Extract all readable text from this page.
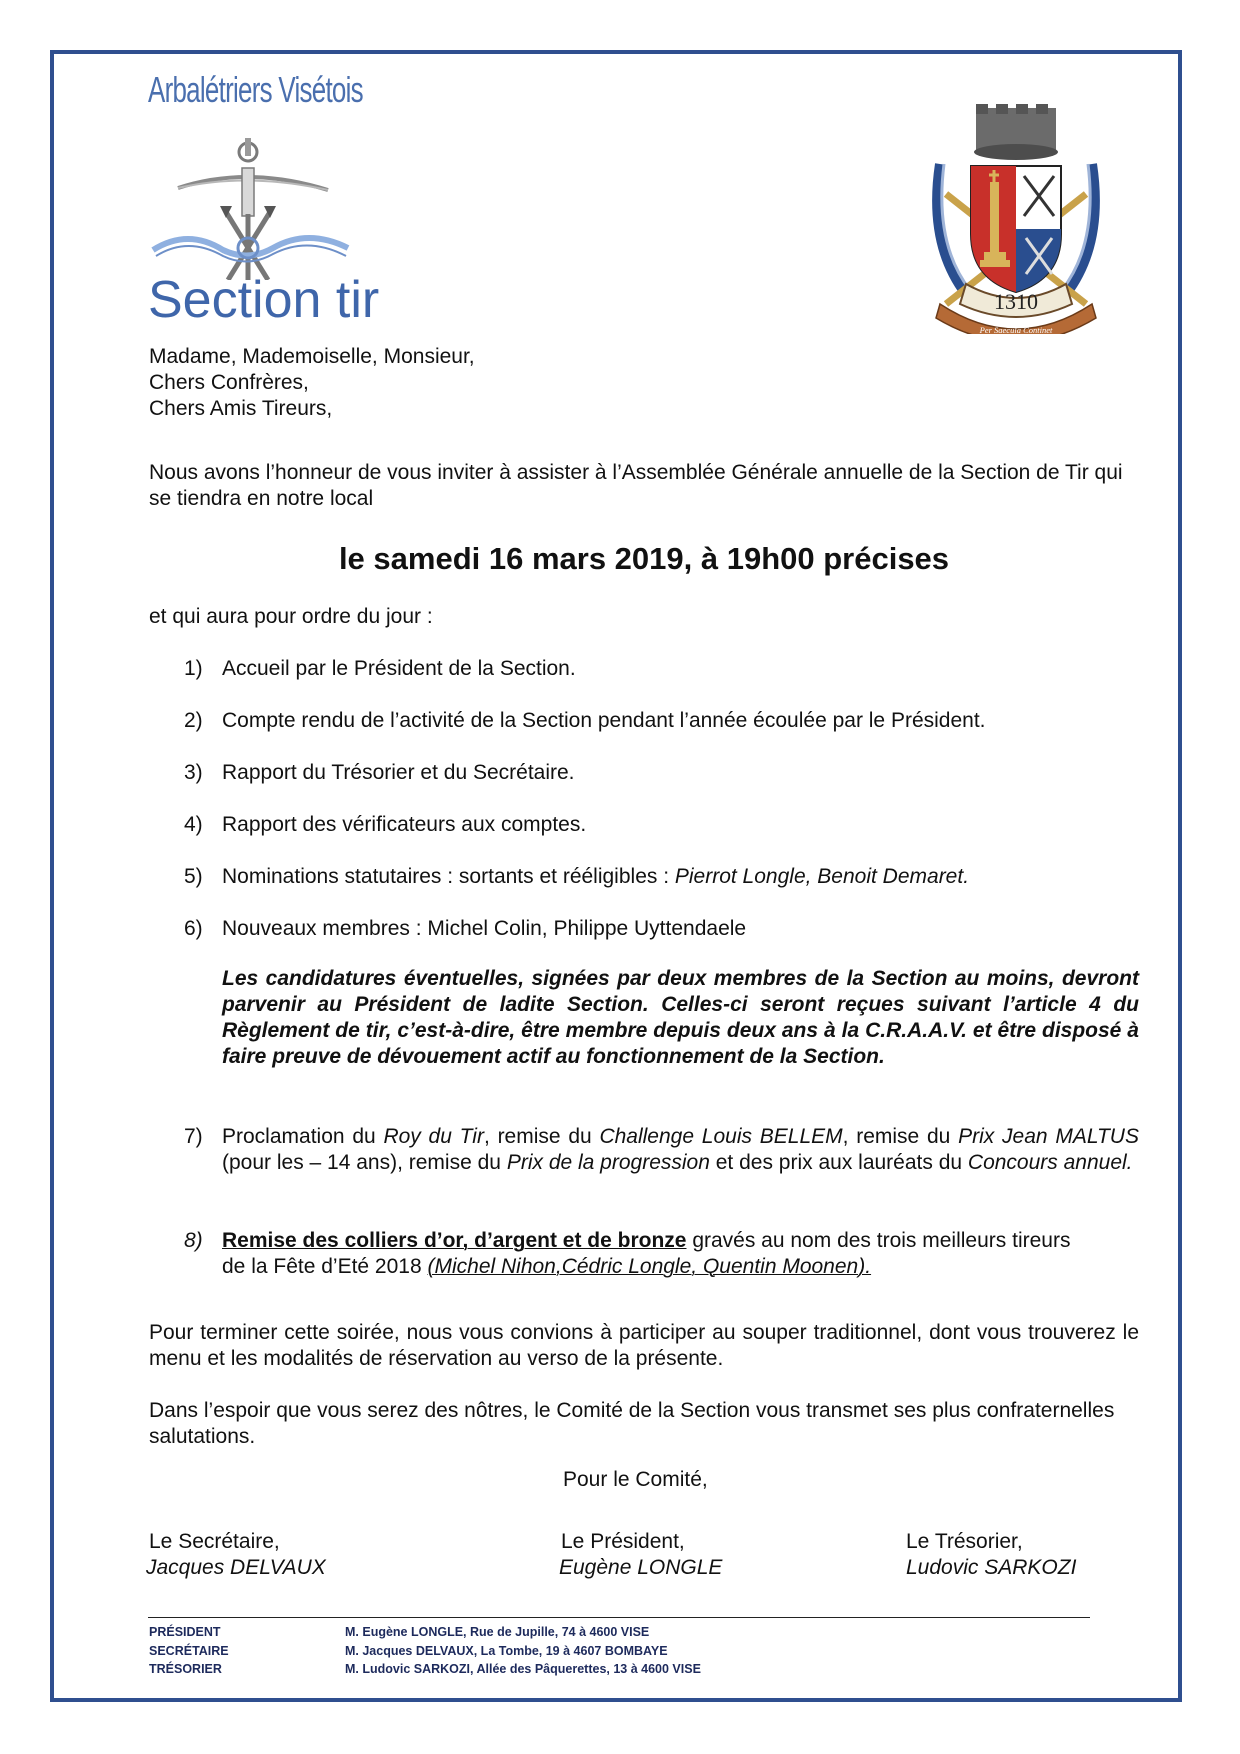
Arbalétriers Visétois
Section tir	1310
Per Saecula Continet
Madame, Mademoiselle, Monsieur,
Chers Confrères,
Chers Amis Tireurs,
Nous avons l’honneur de vous inviter à assister à l’Assemblée Générale annuelle de la Section de Tir qui se tiendra en notre local
le samedi 16 mars 2019, à 19h00 précises
et qui aura pour ordre du jour :
1) Accueil par le Président de la Section.
2) Compte rendu de l’activité de la Section pendant l’année écoulée par le Président.
3) Rapport du Trésorier et du Secrétaire.
4) Rapport des vérificateurs aux comptes.
5) Nominations statutaires : sortants et rééligibles : Pierrot Longle, Benoit Demaret.
6) Nouveaux membres : Michel Colin, Philippe Uyttendaele
Les candidatures éventuelles, signées par deux membres de la Section au moins, devront parvenir au Président de ladite Section. Celles-ci seront reçues suivant l’article 4 du Règlement de tir, c’est-à-dire, être membre depuis deux ans à la C.R.A.A.V. et être disposé à faire preuve de dévouement actif au fonctionnement de la Section.
7) Proclamation du Roy du Tir, remise du Challenge Louis BELLEM, remise du Prix Jean MALTUS (pour les – 14 ans), remise du Prix de la progression et des prix aux lauréats du Concours annuel.
8) Remise des colliers d’or, d’argent et de bronze gravés au nom des trois meilleurs tireurs de la Fête d’Eté 2018 (Michel Nihon,Cédric Longle, Quentin Moonen).
Pour terminer cette soirée, nous vous convions à participer au souper traditionnel, dont vous trouverez le menu et les modalités de réservation au verso de la présente.
Dans l’espoir que vous serez des nôtres, le Comité de la Section vous transmet ses plus confraternelles salutations.
Pour le Comité,
Le Secrétaire,
Jacques DELVAUX
Le Président,
Eugène LONGLE
Le Trésorier,
Ludovic SARKOZI
PRÉSIDENT	M. Eugène LONGLE, Rue de Jupille, 74 à 4600 VISE
SECRÉTAIRE	M. Jacques DELVAUX, La Tombe, 19 à 4607 BOMBAYE
TRÉSORIER	M. Ludovic SARKOZI, Allée des Pâquerettes, 13 à 4600 VISE
